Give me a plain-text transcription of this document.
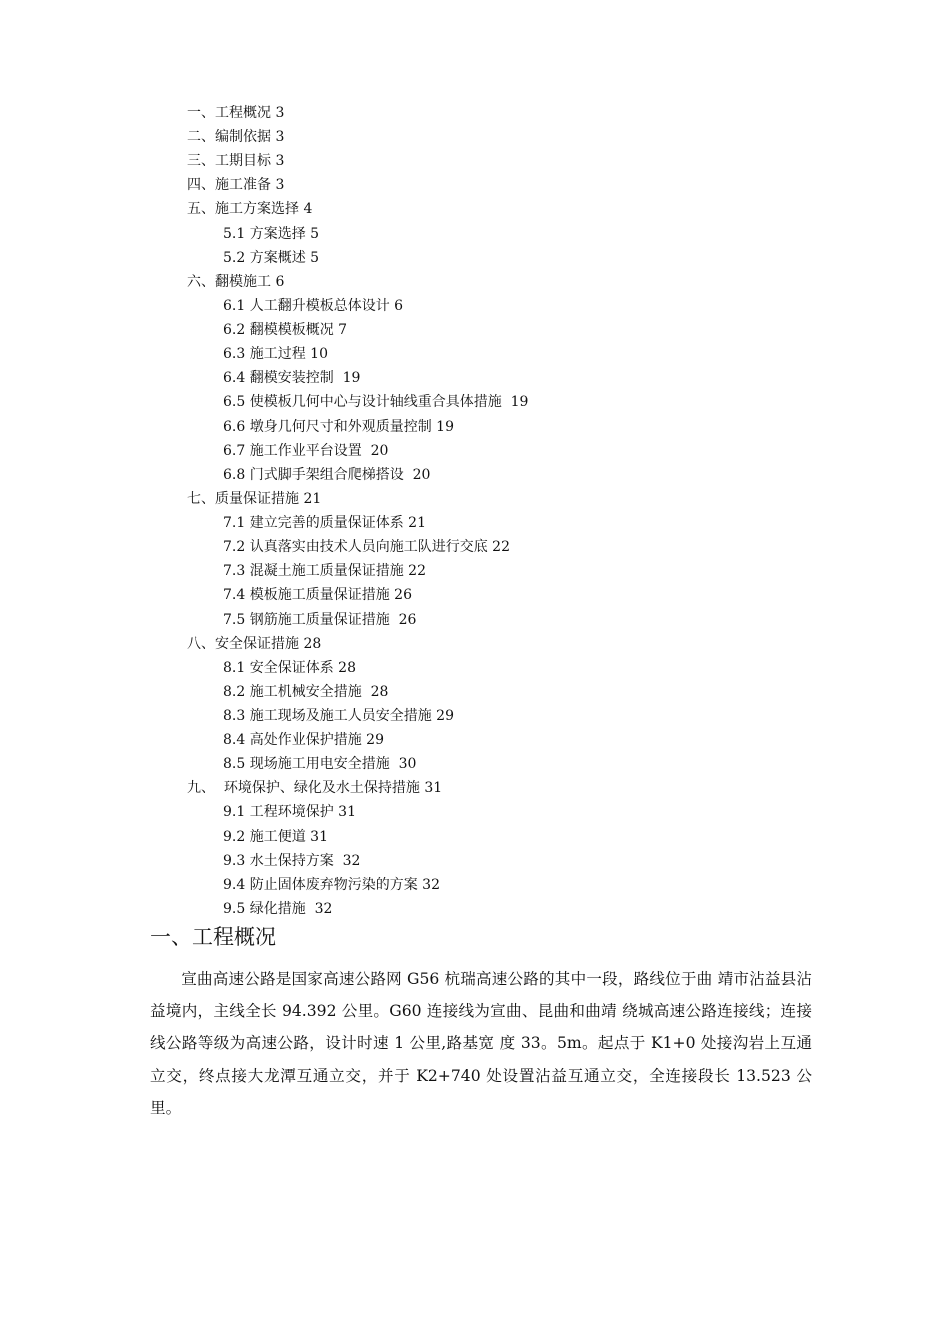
一、工程概况 3
二、编制依据 3
三、工期目标 3
四、施工准备 3
五、施工方案选择 4
5.1 方案选择 5
5.2 方案概述 5
六、翻模施工 6
6.1 人工翻升模板总体设计 6
6.2 翻模模板概况 7
6.3 施工过程 10
6.4 翻模安装控制  19
6.5 使模板几何中心与设计轴线重合具体措施  19
6.6 墩身几何尺寸和外观质量控制 19
6.7 施工作业平台设置  20
6.8 门式脚手架组合爬梯搭设  20
七、质量保证措施 21
7.1 建立完善的质量保证体系 21
7.2 认真落实由技术人员向施工队进行交底 22
7.3 混凝土施工质量保证措施 22
7.4 模板施工质量保证措施 26
7.5 钢筋施工质量保证措施  26
八、安全保证措施 28
8.1 安全保证体系 28
8.2 施工机械安全措施  28
8.3 施工现场及施工人员安全措施 29
8.4 高处作业保护措施 29
8.5 现场施工用电安全措施  30
九、  环境保护、绿化及水土保持措施 31
9.1 工程环境保护 31
9.2 施工便道 31
9.3 水土保持方案  32
9.4 防止固体废弃物污染的方案 32
9.5 绿化措施  32
一、工程概况
宣曲高速公路是国家高速公路网 G56 杭瑞高速公路的其中一段，路线位于曲 靖市沾益县沾益境内，主线全长 94.392 公里。G60 连接线为宣曲、昆曲和曲靖 绕城高速公路连接线；连接线公路等级为高速公路，设计时速 1 公里,路基宽 度 33。5m。起点于 K1+0 处接沟岩上互通立交，终点接大龙潭互通立交，并于 K2+740 处设置沾益互通立交，全连接段长 13.523 公里。
